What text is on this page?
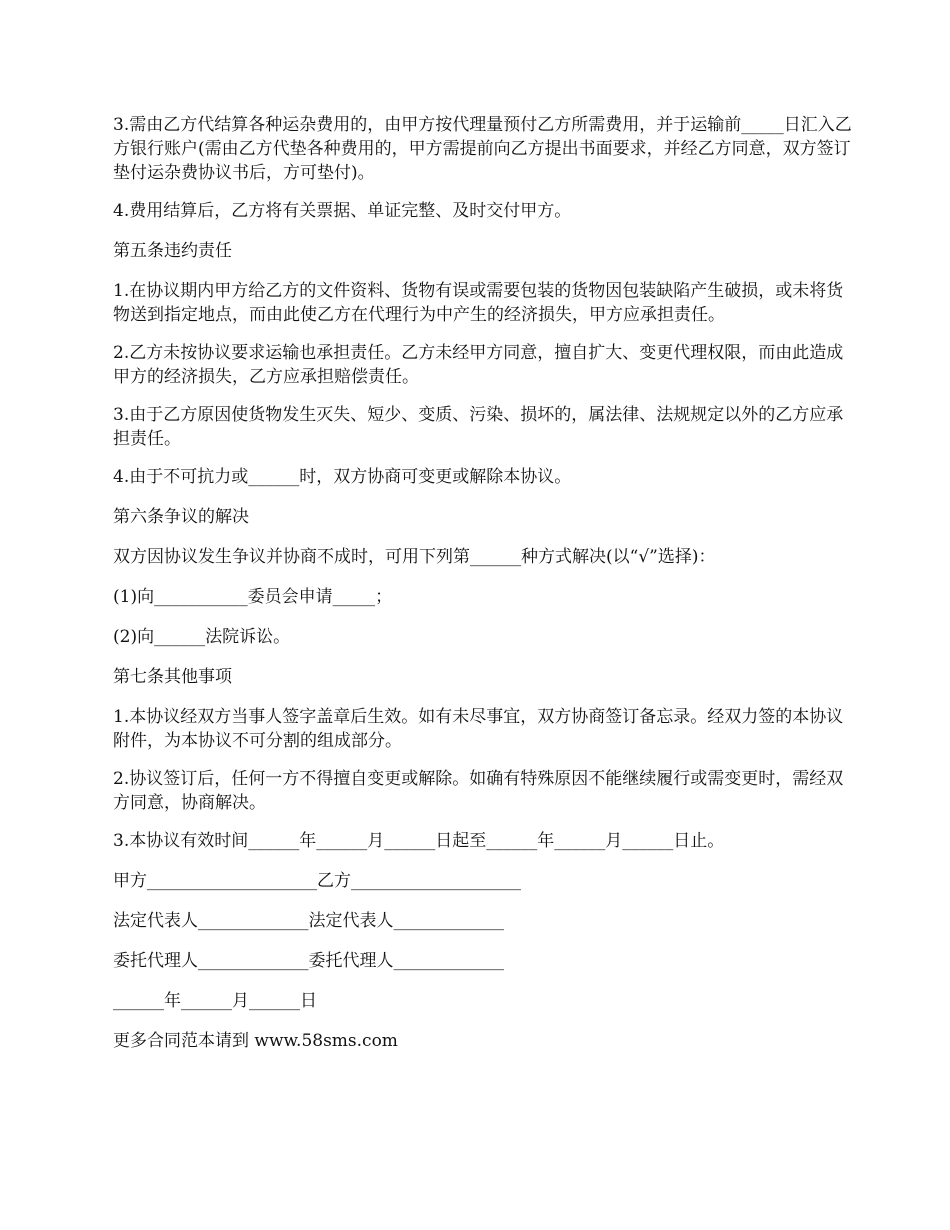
3.需由乙方代结算各种运杂费用的，由甲方按代理量预付乙方所需费用，并于运输前_____日汇入乙方银行账户(需由乙方代垫各种费用的，甲方需提前向乙方提出书面要求，并经乙方同意，双方签订垫付运杂费协议书后，方可垫付)。

4.费用结算后，乙方将有关票据、单证完整、及时交付甲方。

第五条违约责任

1.在协议期内甲方给乙方的文件资料、货物有误或需要包装的货物因包装缺陷产生破损，或未将货物送到指定地点，而由此使乙方在代理行为中产生的经济损失，甲方应承担责任。

2.乙方未按协议要求运输也承担责任。乙方未经甲方同意，擅自扩大、变更代理权限，而由此造成甲方的经济损失，乙方应承担赔偿责任。

3.由于乙方原因使货物发生灭失、短少、变质、污染、损坏的，属法律、法规规定以外的乙方应承担责任。

4.由于不可抗力或______时，双方协商可变更或解除本协议。

第六条争议的解决

双方因协议发生争议并协商不成时，可用下列第______种方式解决(以“√”选择)：

(1)向___________委员会申请_____；

(2)向______法院诉讼。

第七条其他事项

1.本协议经双方当事人签字盖章后生效。如有未尽事宜，双方协商签订备忘录。经双力签的本协议附件，为本协议不可分割的组成部分。

2.协议签订后，任何一方不得擅自变更或解除。如确有特殊原因不能继续履行或需变更时，需经双方同意，协商解决。

3.本协议有效时间______年______月______日起至______年______月______日止。

甲方____________________乙方____________________

法定代表人_____________法定代表人_____________

委托代理人_____________委托代理人_____________

______年______月______日

更多合同范本请到 www.58sms.com
